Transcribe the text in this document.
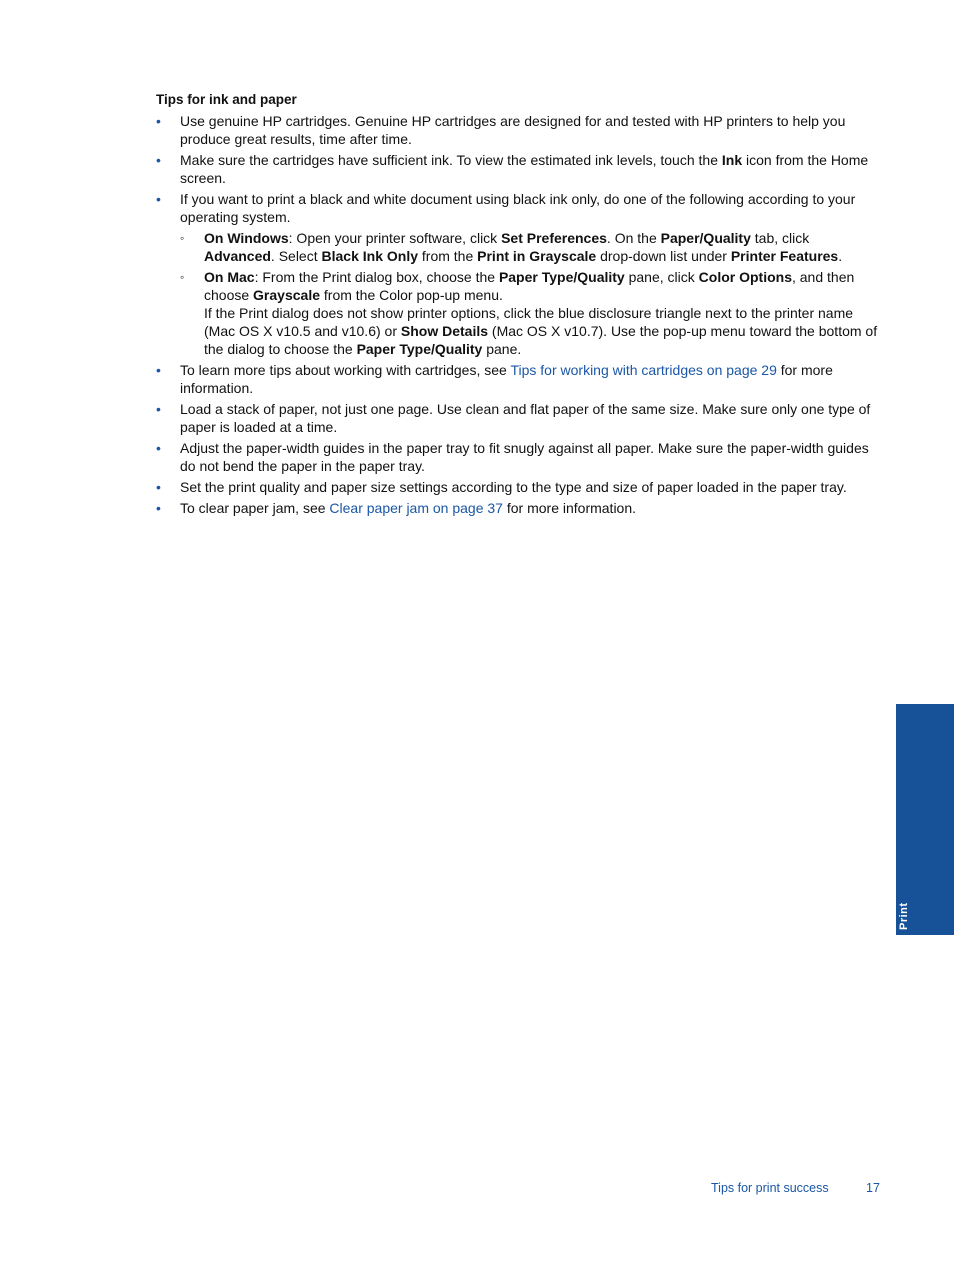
Tips for ink and paper
• Use genuine HP cartridges. Genuine HP cartridges are designed for and tested with HP printers to help you produce great results, time after time.
• Make sure the cartridges have sufficient ink. To view the estimated ink levels, touch the Ink icon from the Home screen.
• If you want to print a black and white document using black ink only, do one of the following according to your operating system.
◦ On Windows: Open your printer software, click Set Preferences. On the Paper/Quality tab, click Advanced. Select Black Ink Only from the Print in Grayscale drop-down list under Printer Features.
◦ On Mac: From the Print dialog box, choose the Paper Type/Quality pane, click Color Options, and then choose Grayscale from the Color pop-up menu.
If the Print dialog does not show printer options, click the blue disclosure triangle next to the printer name (Mac OS X v10.5 and v10.6) or Show Details (Mac OS X v10.7). Use the pop-up menu toward the bottom of the dialog to choose the Paper Type/Quality pane.
• To learn more tips about working with cartridges, see Tips for working with cartridges on page 29 for more information.
• Load a stack of paper, not just one page. Use clean and flat paper of the same size. Make sure only one type of paper is loaded at a time.
• Adjust the paper-width guides in the paper tray to fit snugly against all paper. Make sure the paper-width guides do not bend the paper in the paper tray.
• Set the print quality and paper size settings according to the type and size of paper loaded in the paper tray.
• To clear paper jam, see Clear paper jam on page 37 for more information.
Print
Tips for print success	17
